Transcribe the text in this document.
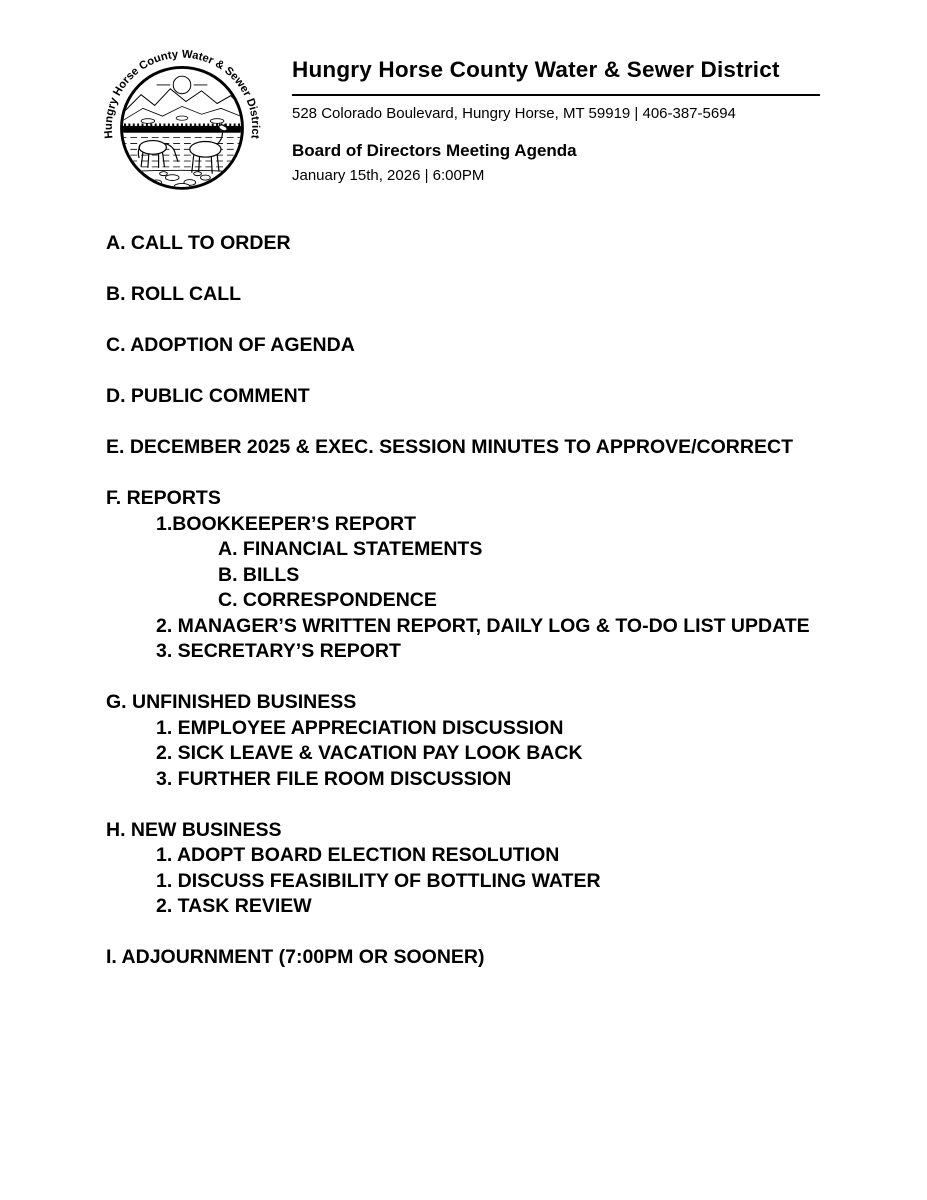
Hungry Horse County Water & Sewer District
Hungry Horse County Water & Sewer District
528 Colorado Boulevard, Hungry Horse, MT 59919 | 406-387-5694
Board of Directors Meeting Agenda
January 15th, 2026 | 6:00PM
A. CALL TO ORDER
B. ROLL CALL
C. ADOPTION OF AGENDA
D. PUBLIC COMMENT
E. DECEMBER 2025 & EXEC. SESSION MINUTES TO APPROVE/CORRECT
F. REPORTS
1.BOOKKEEPER’S REPORT
A. FINANCIAL STATEMENTS
B. BILLS
C. CORRESPONDENCE
2. MANAGER’S WRITTEN REPORT, DAILY LOG & TO-DO LIST UPDATE
3. SECRETARY’S REPORT
G. UNFINISHED BUSINESS
1. EMPLOYEE APPRECIATION DISCUSSION
2. SICK LEAVE & VACATION PAY LOOK BACK
3. FURTHER FILE ROOM DISCUSSION
H. NEW BUSINESS
1. ADOPT BOARD ELECTION RESOLUTION
1. DISCUSS FEASIBILITY OF BOTTLING WATER
2. TASK REVIEW
I. ADJOURNMENT (7:00PM OR SOONER)
